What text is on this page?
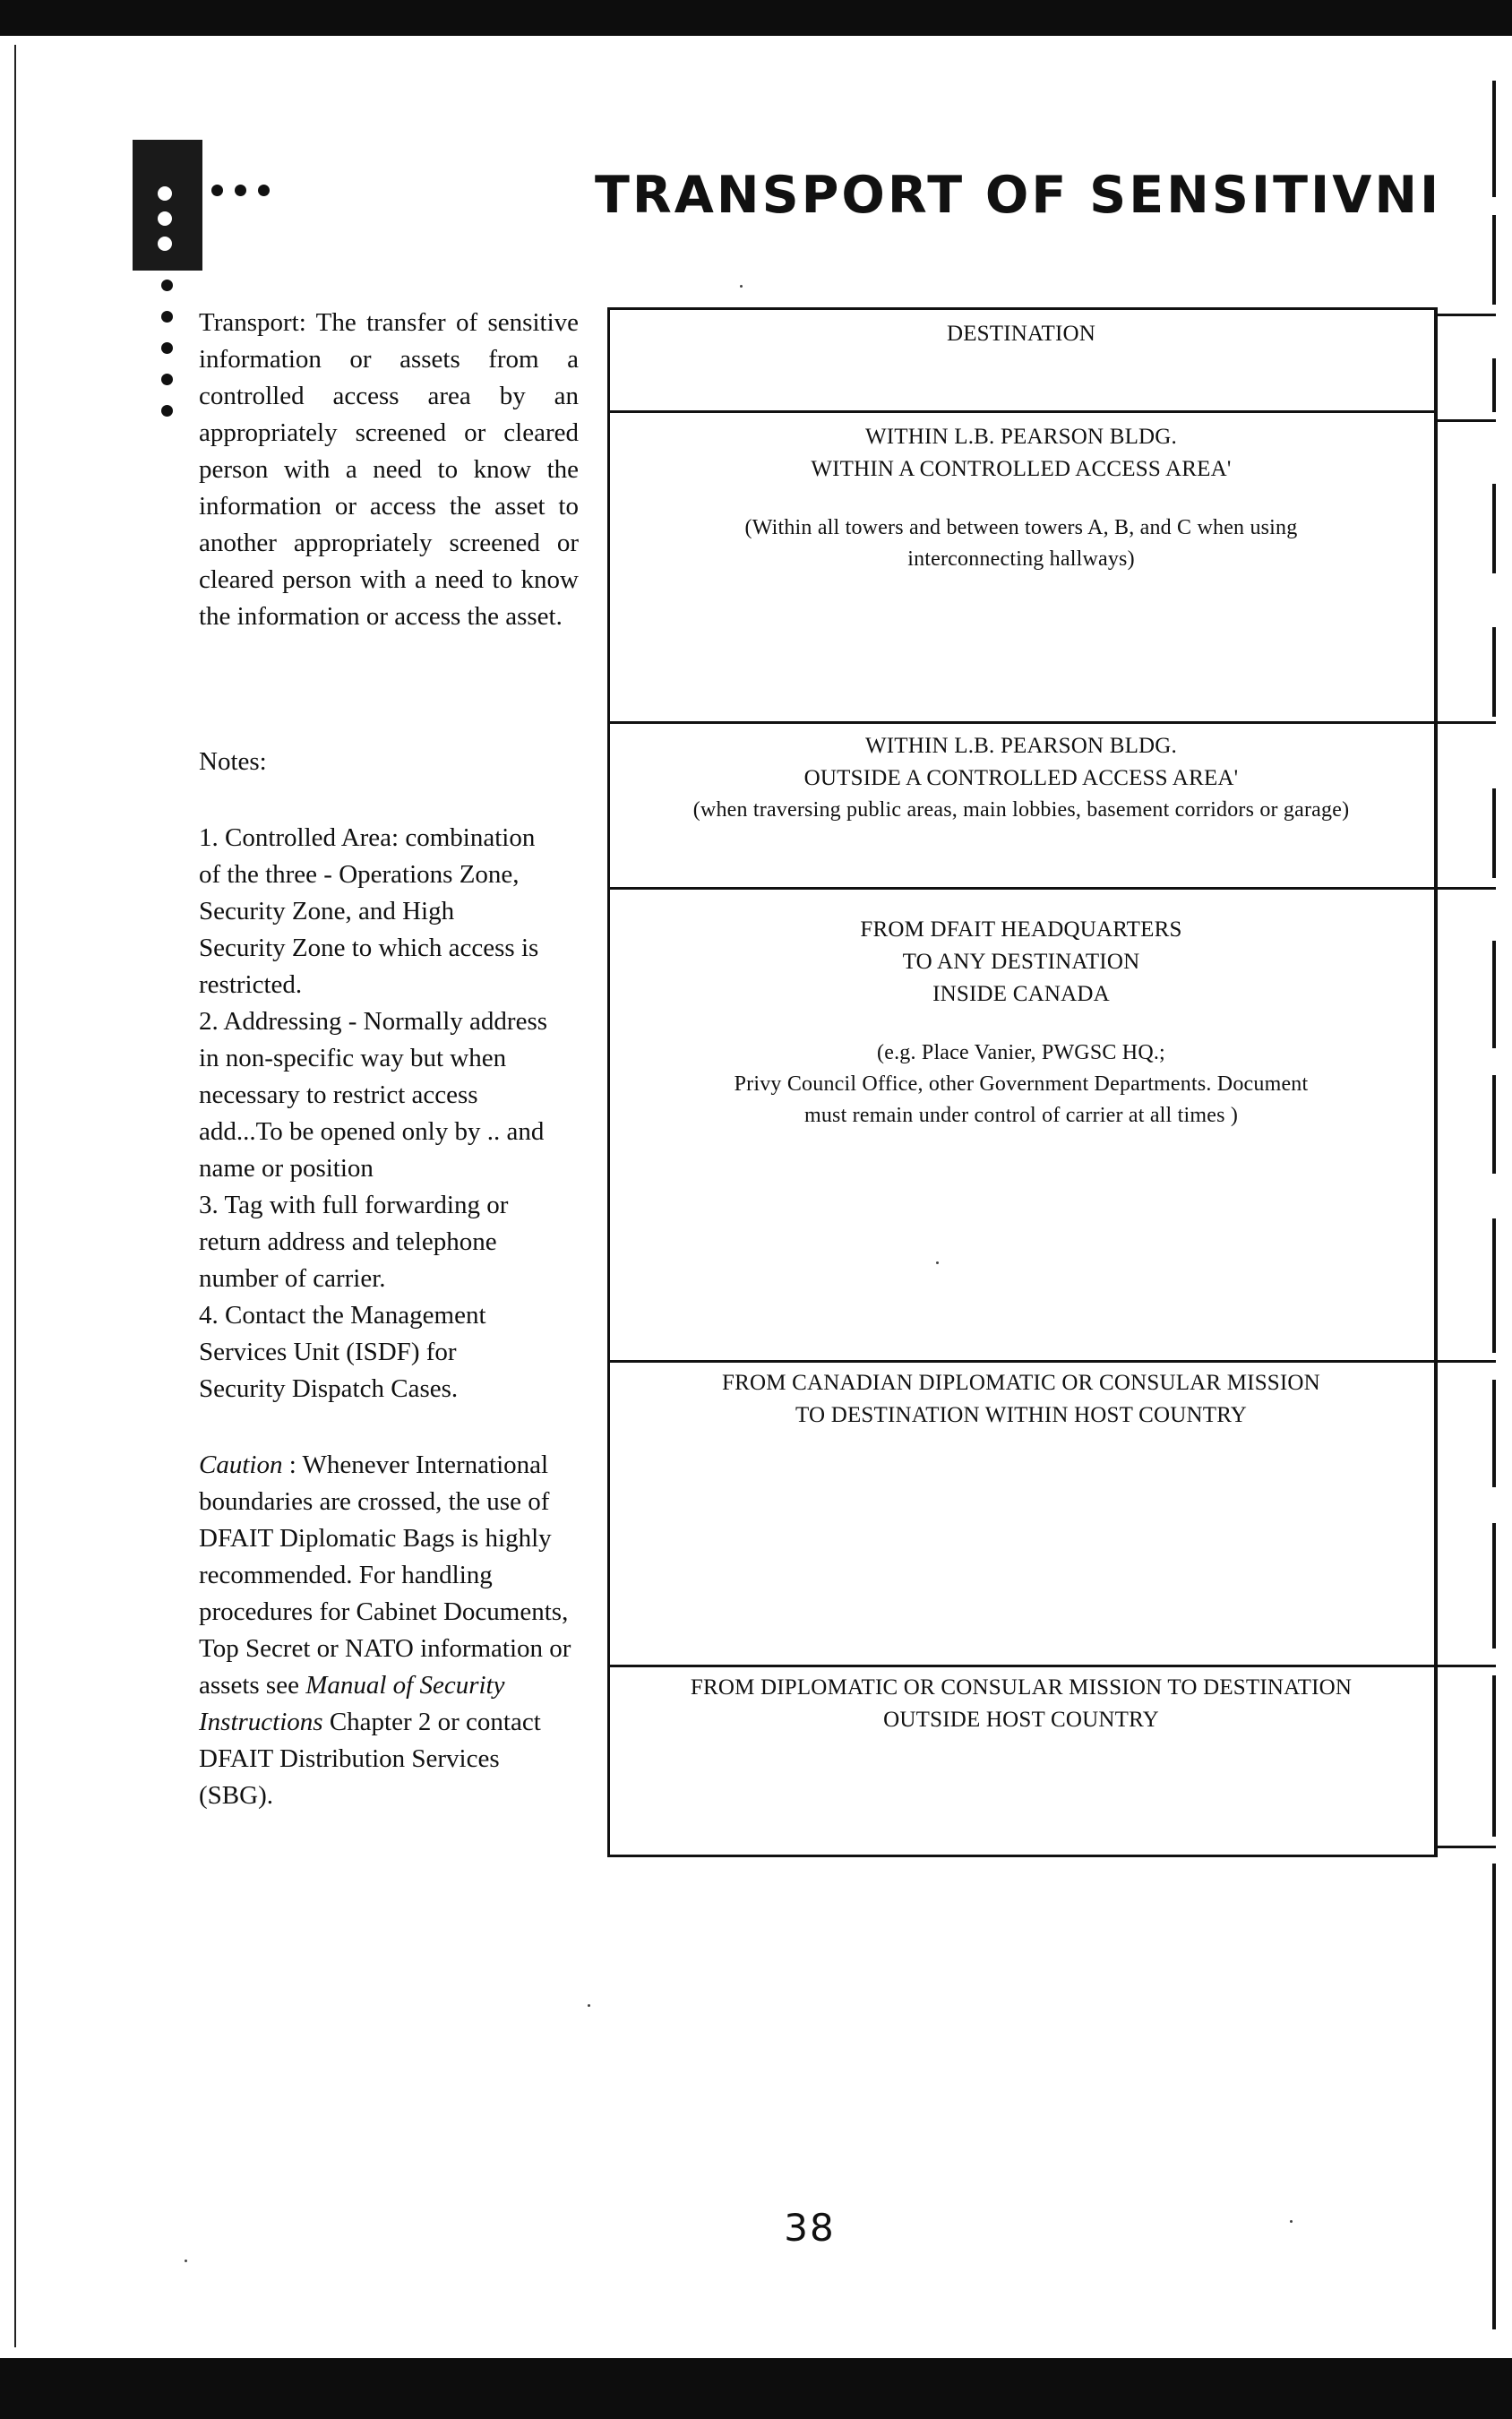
TRANSPORT OF SENSITIVNI
Transport: The transfer of sensitive information or assets from a controlled access area by an appropriately screened or cleared person with a need to know the information or access the asset to another appropriately screened or cleared person with a need to know the information or access the asset.
Notes:
1. Controlled Area: combination
of the three - Operations Zone,
Security Zone, and High
Security Zone to which access is
restricted.
2. Addressing - Normally address
in non-specific way but when
necessary to restrict access
add...To be opened only by .. and
name or position
3. Tag with full forwarding or
return address and telephone
number of carrier.
4. Contact the Management
Services Unit (ISDF) for
Security Dispatch Cases.
Caution : Whenever International boundaries are crossed, the use of DFAIT Diplomatic Bags is highly recommended. For handling procedures for Cabinet Documents, Top Secret or NATO information or assets see Manual of Security Instructions Chapter 2 or contact DFAIT Distribution Services (SBG).
DESTINATION
WITHIN L.B. PEARSON BLDG.
WITHIN A CONTROLLED ACCESS AREA'
(Within all towers and between towers A, B, and C when using
interconnecting hallways)
WITHIN L.B. PEARSON BLDG.
OUTSIDE A CONTROLLED ACCESS AREA'
(when traversing public areas, main lobbies, basement corridors or garage)
FROM DFAIT HEADQUARTERS
TO ANY DESTINATION
INSIDE CANADA
(e.g. Place Vanier, PWGSC HQ.;
Privy Council Office, other Government Departments. Document
must remain under control of carrier at all times )
FROM CANADIAN DIPLOMATIC OR CONSULAR MISSION
TO DESTINATION WITHIN HOST COUNTRY
FROM DIPLOMATIC OR CONSULAR MISSION TO DESTINATION
OUTSIDE HOST COUNTRY
38
